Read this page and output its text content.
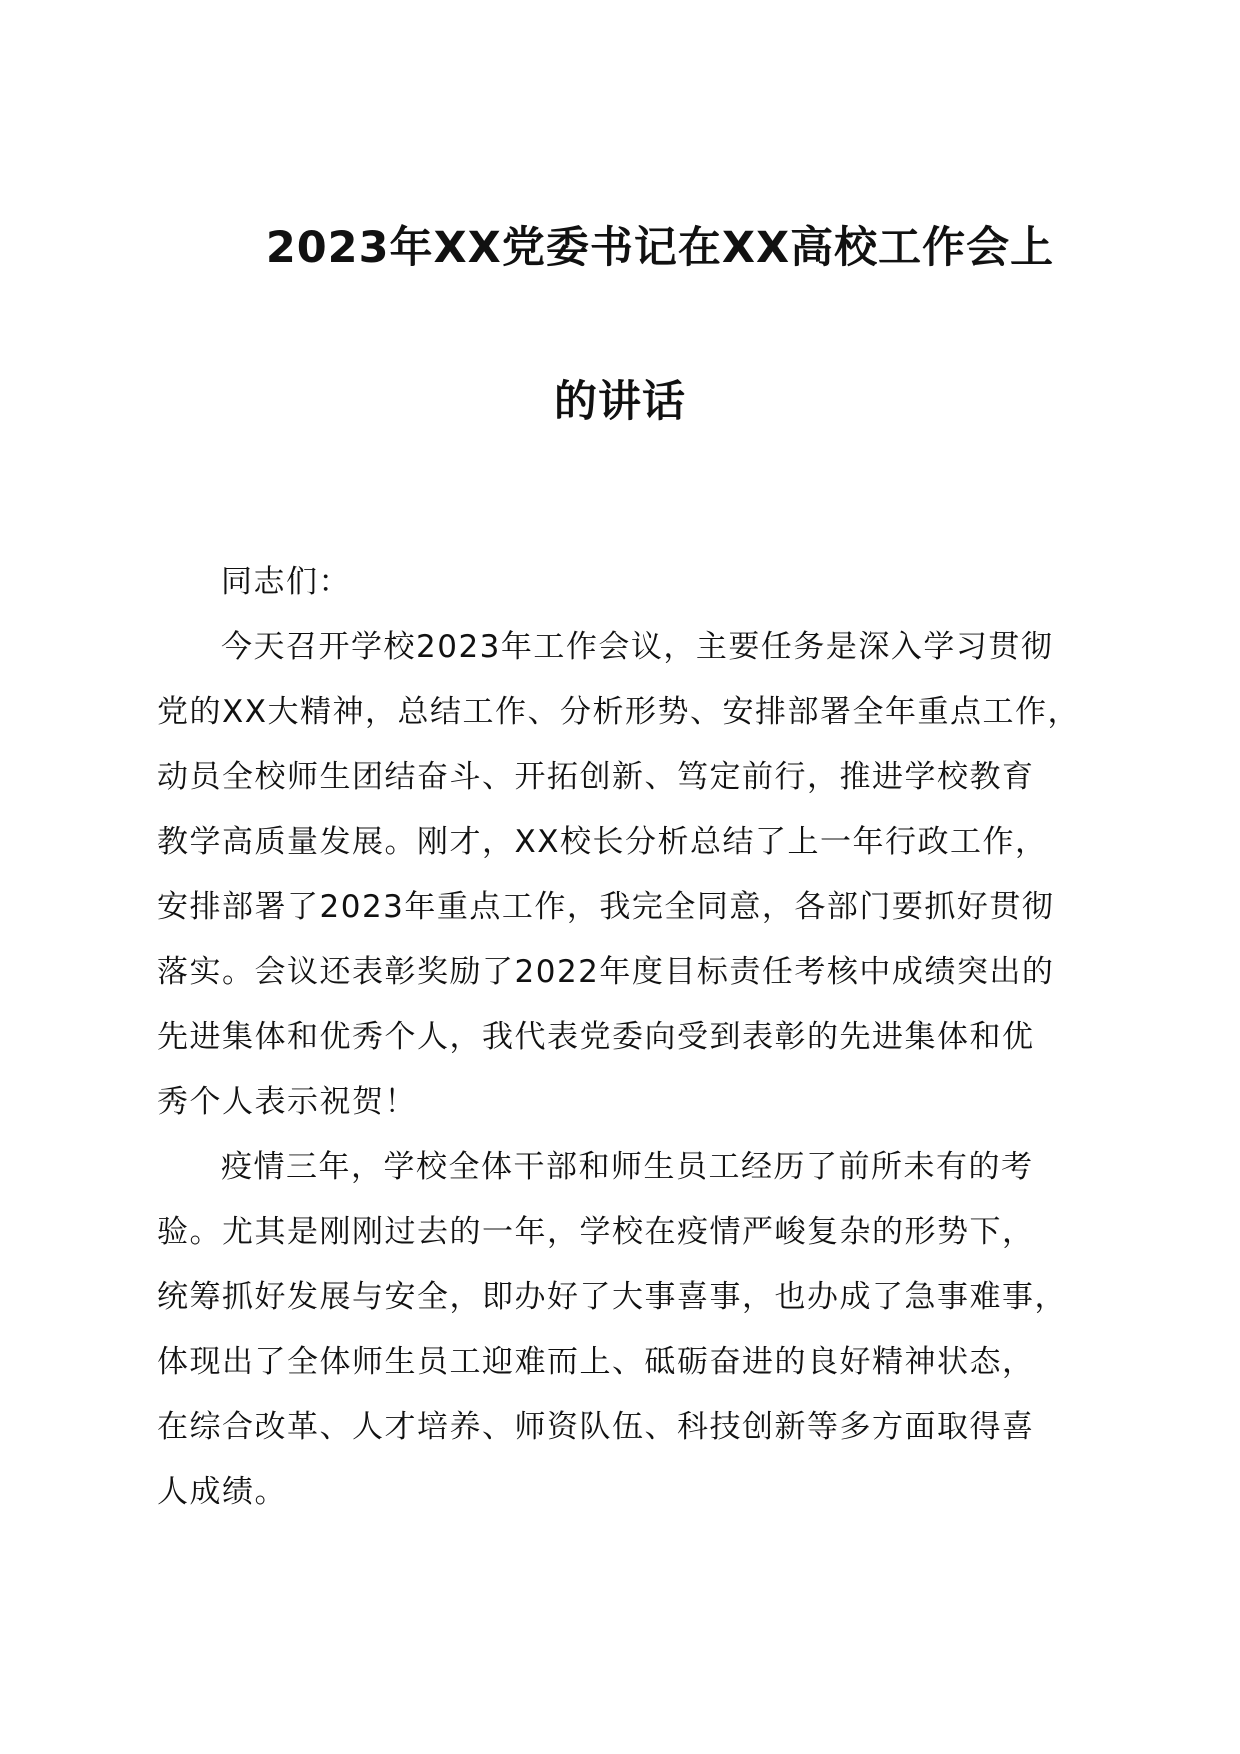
2023年XX党委书记在XX高校工作会上
的讲话
同志们：
今天召开学校2023年工作会议，主要任务是深入学习贯彻
党的XX大精神，总结工作、分析形势、安排部署全年重点工作，
动员全校师生团结奋斗、开拓创新、笃定前行，推进学校教育
教学高质量发展。刚才，XX校长分析总结了上一年行政工作，
安排部署了2023年重点工作，我完全同意，各部门要抓好贯彻
落实。会议还表彰奖励了2022年度目标责任考核中成绩突出的
先进集体和优秀个人，我代表党委向受到表彰的先进集体和优
秀个人表示祝贺！
疫情三年，学校全体干部和师生员工经历了前所未有的考
验。尤其是刚刚过去的一年，学校在疫情严峻复杂的形势下，
统筹抓好发展与安全，即办好了大事喜事，也办成了急事难事，
体现出了全体师生员工迎难而上、砥砺奋进的良好精神状态，
在综合改革、人才培养、师资队伍、科技创新等多方面取得喜
人成绩。
